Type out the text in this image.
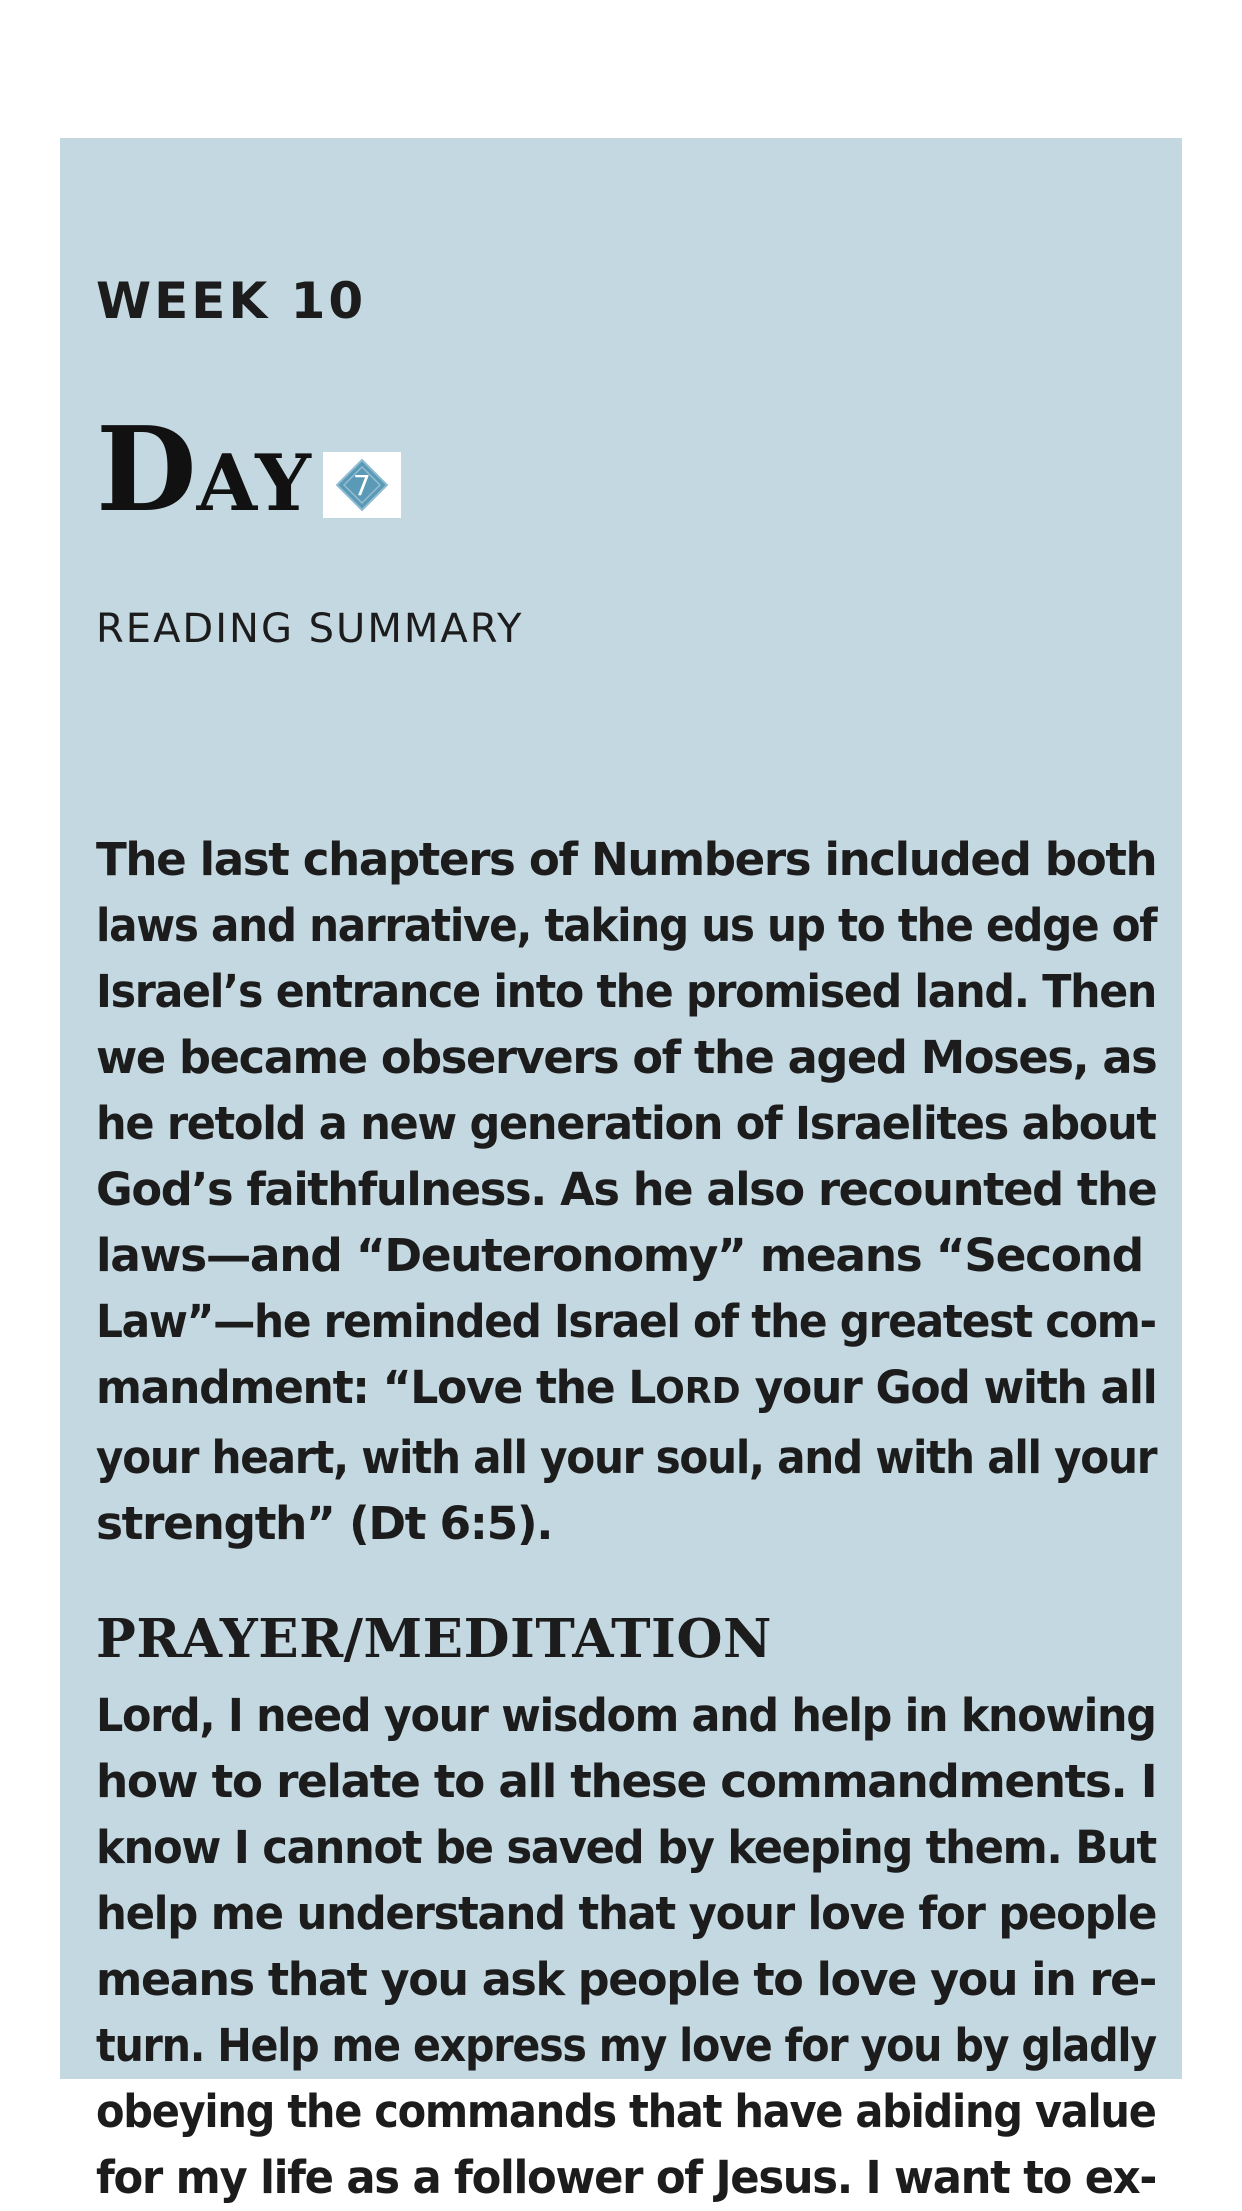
WEEK 10
DAY 7
READING SUMMARY

The last chapters of Numbers included both
laws and narrative, taking us up to the edge of
Israel’s entrance into the promised land. Then
we became observers of the aged Moses, as
he retold a new generation of Israelites about
God’s faithfulness. As he also recounted the
laws—and “Deuteronomy” means “Second
Law”—he reminded Israel of the greatest com-
mandment: “Love the LORD your God with all
your heart, with all your soul, and with all your
strength” (Dt 6:5).

PRAYER/MEDITATION

Lord, I need your wisdom and help in knowing
how to relate to all these commandments. I
know I cannot be saved by keeping them. But
help me understand that your love for people
means that you ask people to love you in re-
turn. Help me express my love for you by gladly
obeying the commands that have abiding value
for my life as a follower of Jesus. I want to ex-
